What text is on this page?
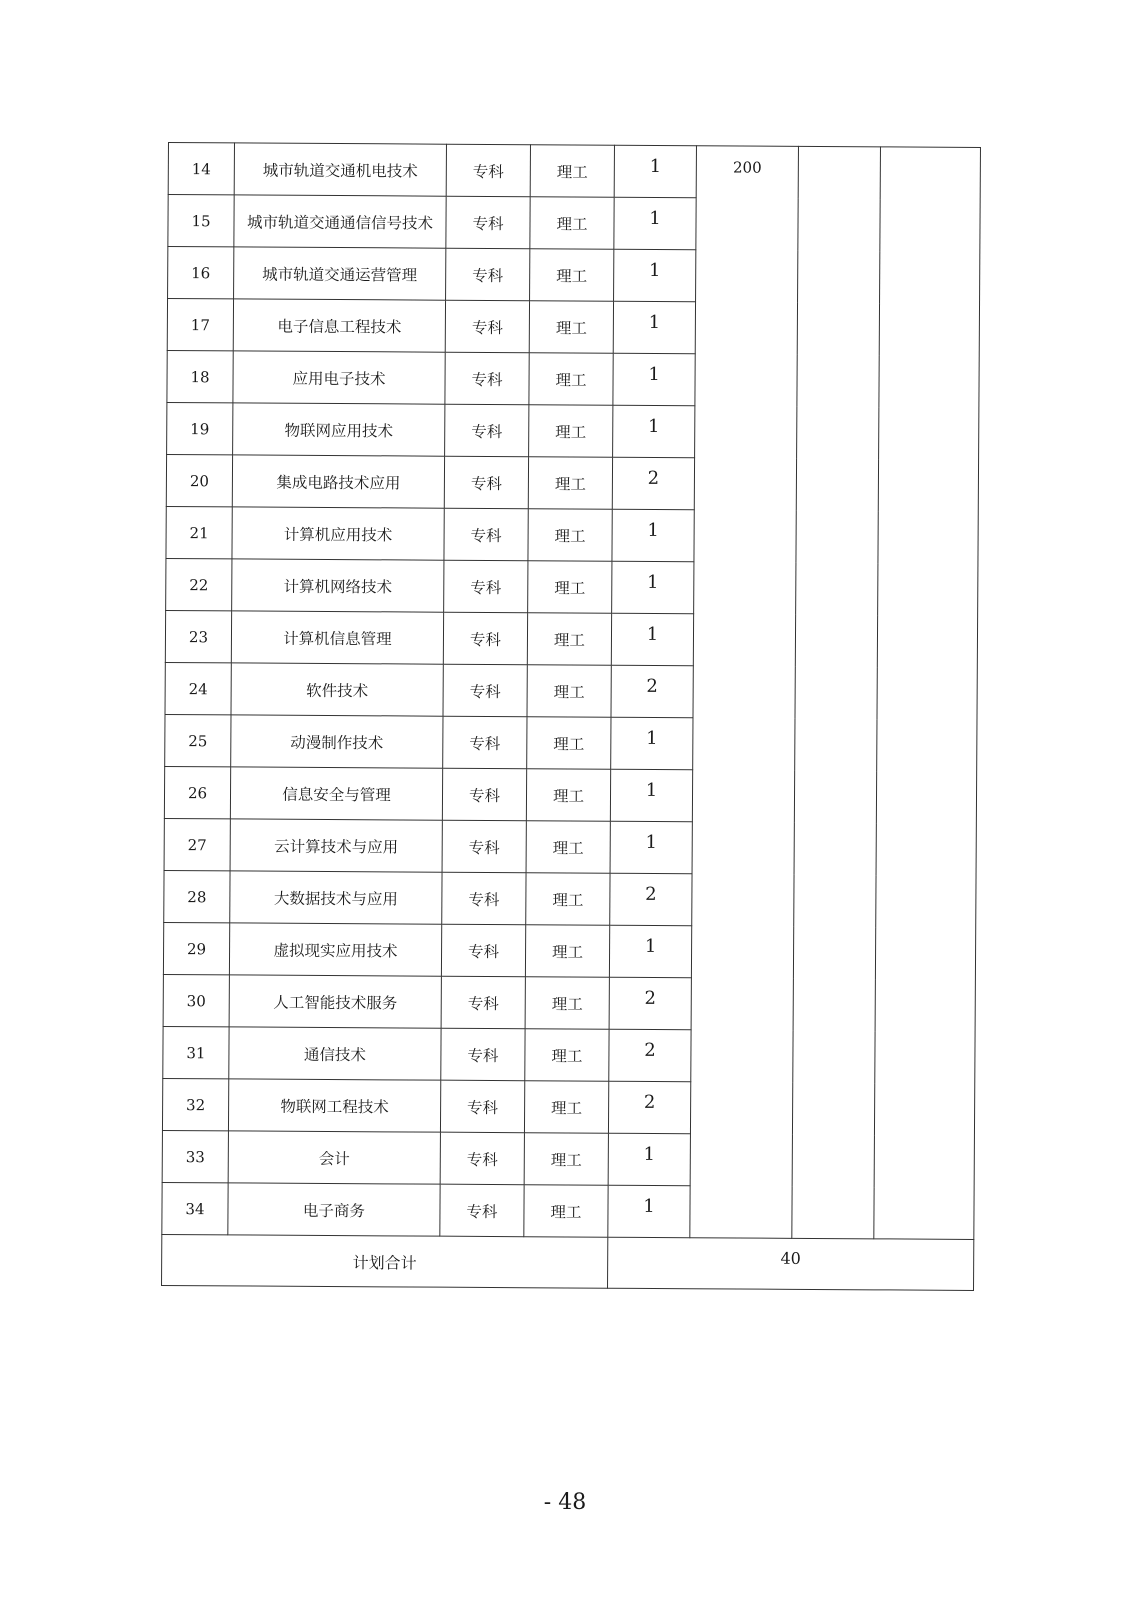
14	城市轨道交通机电技术	专科	理工	1	200		
15	城市轨道交通通信信号技术	专科	理工	1			
16	城市轨道交通运营管理	专科	理工	1			
17	电子信息工程技术	专科	理工	1			
18	应用电子技术	专科	理工	1			
19	物联网应用技术	专科	理工	1			
20	集成电路技术应用	专科	理工	2			
21	计算机应用技术	专科	理工	1			
22	计算机网络技术	专科	理工	1			
23	计算机信息管理	专科	理工	1			
24	软件技术	专科	理工	2			
25	动漫制作技术	专科	理工	1			
26	信息安全与管理	专科	理工	1			
27	云计算技术与应用	专科	理工	1			
28	大数据技术与应用	专科	理工	2			
29	虚拟现实应用技术	专科	理工	1			
30	人工智能技术服务	专科	理工	2			
31	通信技术	专科	理工	2			
32	物联网工程技术	专科	理工	2			
33	会计	专科	理工	1			
34	电子商务	专科	理工	1			
计划合计				40			
- 48
